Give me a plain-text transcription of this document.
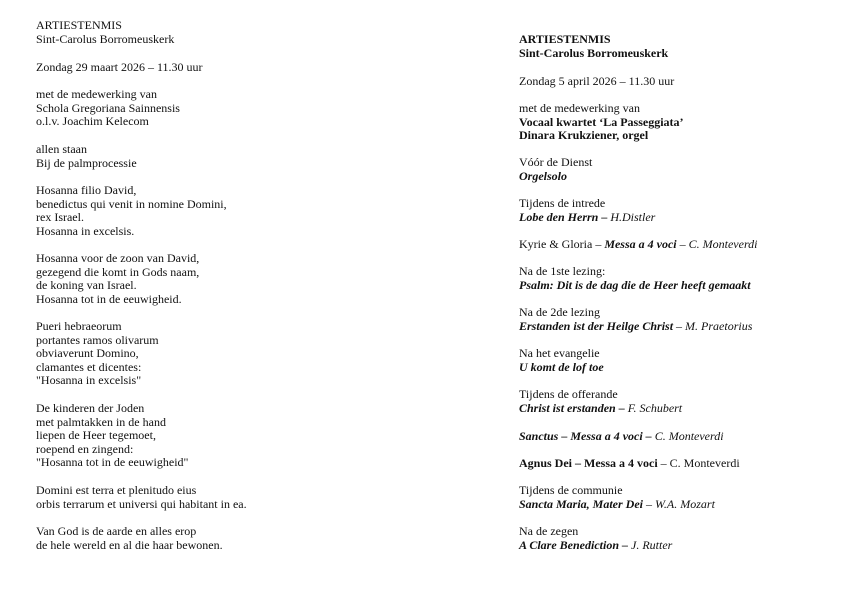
ARTIESTENMIS
Sint-Carolus Borromeuskerk
Zondag 29 maart 2026 – 11.30 uur
met de medewerking van
Schola Gregoriana Sainnensis
o.l.v. Joachim Kelecom
allen staan
Bij de palmprocessie
Hosanna filio David,
benedictus qui venit in nomine Domini,
rex Israel.
Hosanna in excelsis.
Hosanna voor de zoon van David,
gezegend die komt in Gods naam,
de koning van Israel.
Hosanna tot in de eeuwigheid.
Pueri hebraeorum
portantes ramos olivarum
obviaverunt Domino,
clamantes et dicentes:
"Hosanna in excelsis"
De kinderen der Joden
met palmtakken in de hand
liepen de Heer tegemoet,
roepend en zingend:
"Hosanna tot in de eeuwigheid"
Domini est terra et plenitudo eius
orbis terrarum et universi qui habitant in ea.
Van God is de aarde en alles erop
de hele wereld en al die haar bewonen.
ARTIESTENMIS
Sint-Carolus Borromeuskerk
Zondag 5 april 2026 – 11.30 uur
met de medewerking van
Vocaal kwartet ‘La Passeggiata’
Dinara Krukziener, orgel
Vóór de Dienst
Orgelsolo
Tijdens de intrede
Lobe den Herrn – H.Distler
Kyrie & Gloria – Messa a 4 voci – C. Monteverdi
Na de 1ste lezing:
Psalm: Dit is de dag die de Heer heeft gemaakt
Na de 2de lezing
Erstanden ist der Heilge Christ – M. Praetorius
Na het evangelie
U komt de lof toe
Tijdens de offerande
Christ ist erstanden – F. Schubert
Sanctus – Messa a 4 voci – C. Monteverdi
Agnus Dei – Messa a 4 voci – C. Monteverdi
Tijdens de communie
Sancta Maria, Mater Dei – W.A. Mozart
Na de zegen
A Clare Benediction – J. Rutter
